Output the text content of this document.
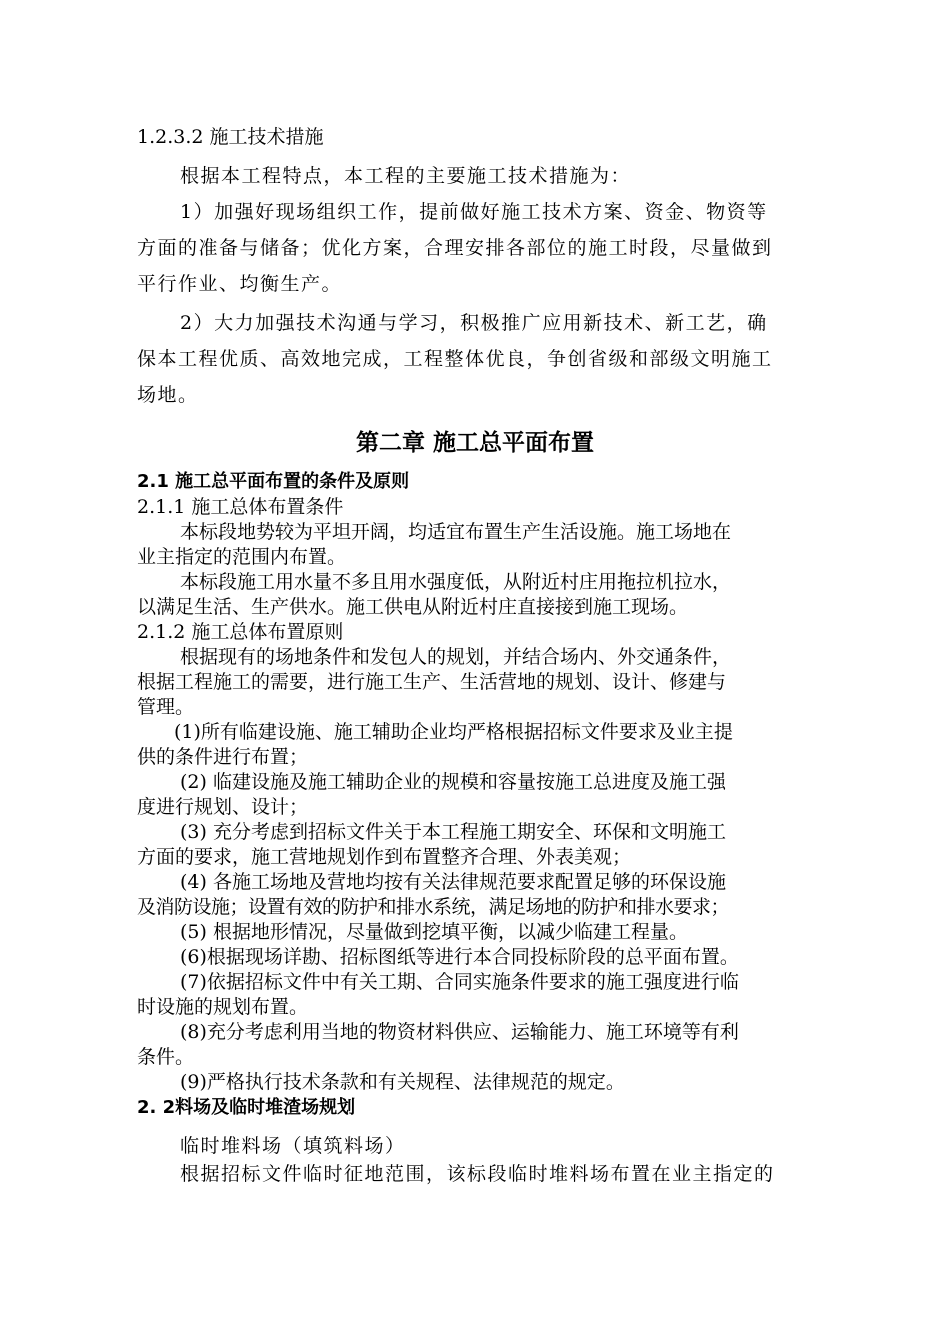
1.2.3.2 施工技术措施
根据本工程特点，本工程的主要施工技术措施为：
1）加强好现场组织工作，提前做好施工技术方案、资金、物资等
方面的准备与储备；优化方案，合理安排各部位的施工时段，尽量做到
平行作业、均衡生产。
2）大力加强技术沟通与学习，积极推广应用新技术、新工艺，确
保本工程优质、高效地完成，工程整体优良，争创省级和部级文明施工
场地。
第二章 施工总平面布置
2.1 施工总平面布置的条件及原则
2.1.1 施工总体布置条件
本标段地势较为平坦开阔，均适宜布置生产生活设施。施工场地在
业主指定的范围内布置。
本标段施工用水量不多且用水强度低，从附近村庄用拖拉机拉水，
以满足生活、生产供水。施工供电从附近村庄直接接到施工现场。
2.1.2 施工总体布置原则
根据现有的场地条件和发包人的规划，并结合场内、外交通条件，
根据工程施工的需要，进行施工生产、生活营地的规划、设计、修建与
管理。
(1)所有临建设施、施工辅助企业均严格根据招标文件要求及业主提
供的条件进行布置；
(2) 临建设施及施工辅助企业的规模和容量按施工总进度及施工强
度进行规划、设计；
(3) 充分考虑到招标文件关于本工程施工期安全、环保和文明施工
方面的要求，施工营地规划作到布置整齐合理、外表美观；
(4) 各施工场地及营地均按有关法律规范要求配置足够的环保设施
及消防设施；设置有效的防护和排水系统，满足场地的防护和排水要求；
(5) 根据地形情况，尽量做到挖填平衡，以减少临建工程量。
(6)根据现场详勘、招标图纸等进行本合同投标阶段的总平面布置。
(7)依据招标文件中有关工期、合同实施条件要求的施工强度进行临
时设施的规划布置。
(8)充分考虑利用当地的物资材料供应、运输能力、施工环境等有利
条件。
(9)严格执行技术条款和有关规程、法律规范的规定。
2. 2料场及临时堆渣场规划
临时堆料场（填筑料场）
根据招标文件临时征地范围，该标段临时堆料场布置在业主指定的
